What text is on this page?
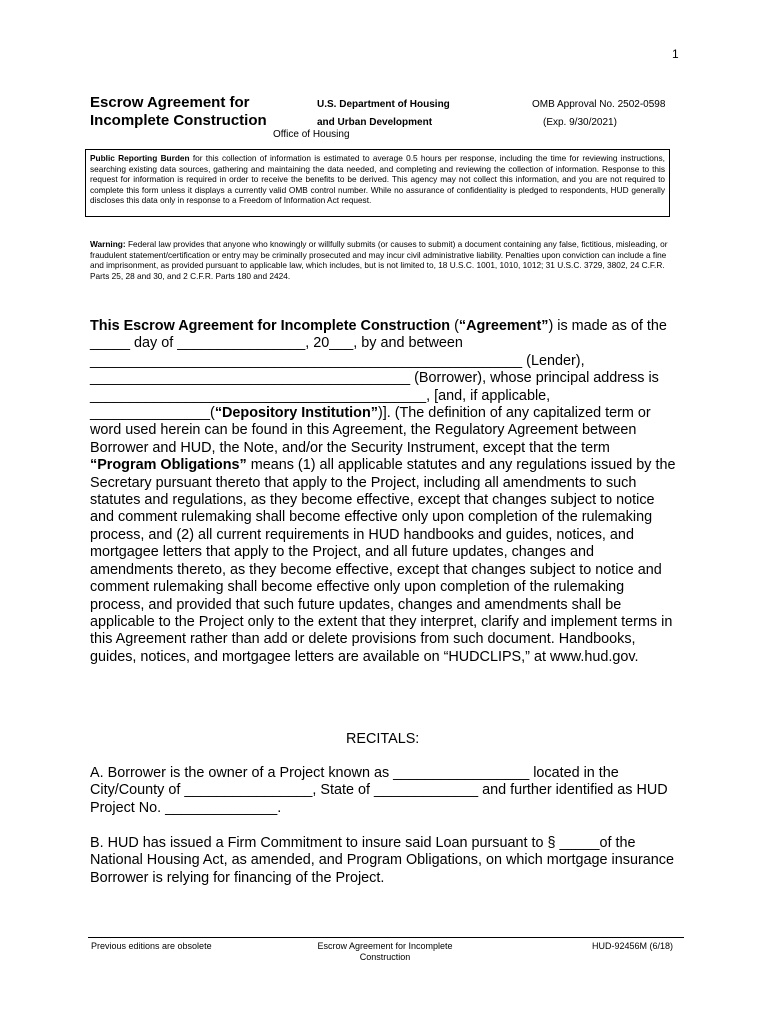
1
Escrow Agreement for
Incomplete Construction
U.S. Department of Housing
and Urban Development
Office of Housing
OMB Approval No. 2502-0598
(Exp. 9/30/2021)
Public Reporting Burden for this collection of information is estimated to average 0.5 hours per response, including the time for reviewing instructions, searching existing data sources, gathering and maintaining the data needed, and completing and reviewing the collection of information. Response to this request for information is required in order to receive the benefits to be derived. This agency may not collect this information, and you are not required to complete this form unless it displays a currently valid OMB control number. While no assurance of confidentiality is pledged to respondents, HUD generally discloses this data only in response to a Freedom of Information Act request.
Warning: Federal law provides that anyone who knowingly or willfully submits (or causes to submit) a document containing any false, fictitious, misleading, or fraudulent statement/certification or entry may be criminally prosecuted and may incur civil administrative liability. Penalties upon conviction can include a fine and imprisonment, as provided pursuant to applicable law, which includes, but is not limited to, 18 U.S.C. 1001, 1010, 1012; 31 U.S.C. 3729, 3802, 24 C.F.R. Parts 25, 28 and 30, and 2 C.F.R. Parts 180 and 2424.
This Escrow Agreement for Incomplete Construction (“Agreement”) is made as of the _____ day of ________________, 20___, by and between ______________________________________________________ (Lender), ________________________________________ (Borrower), whose principal address is __________________________________________, [and, if applicable, _______________(“Depository Institution”)]. (The definition of any capitalized term or word used herein can be found in this Agreement, the Regulatory Agreement between Borrower and HUD, the Note, and/or the Security Instrument, except that the term “Program Obligations” means (1) all applicable statutes and any regulations issued by the Secretary pursuant thereto that apply to the Project, including all amendments to such statutes and regulations, as they become effective, except that changes subject to notice and comment rulemaking shall become effective only upon completion of the rulemaking process, and (2) all current requirements in HUD handbooks and guides, notices, and mortgagee letters that apply to the Project, and all future updates, changes and amendments thereto, as they become effective, except that changes subject to notice and comment rulemaking shall become effective only upon completion of the rulemaking process, and provided that such future updates, changes and amendments shall be applicable to the Project only to the extent that they interpret, clarify and implement terms in this Agreement rather than add or delete provisions from such document. Handbooks, guides, notices, and mortgagee letters are available on “HUDCLIPS,” at www.hud.gov.
RECITALS:
A. Borrower is the owner of a Project known as _________________ located in the City/County of ________________, State of _____________ and further identified as HUD Project No. ______________.
B. HUD has issued a Firm Commitment to insure said Loan pursuant to § _____of the National Housing Act, as amended, and Program Obligations, on which mortgage insurance Borrower is relying for financing of the Project.
Previous editions are obsolete	Escrow Agreement for Incomplete
Construction
HUD-92456M (6/18)
